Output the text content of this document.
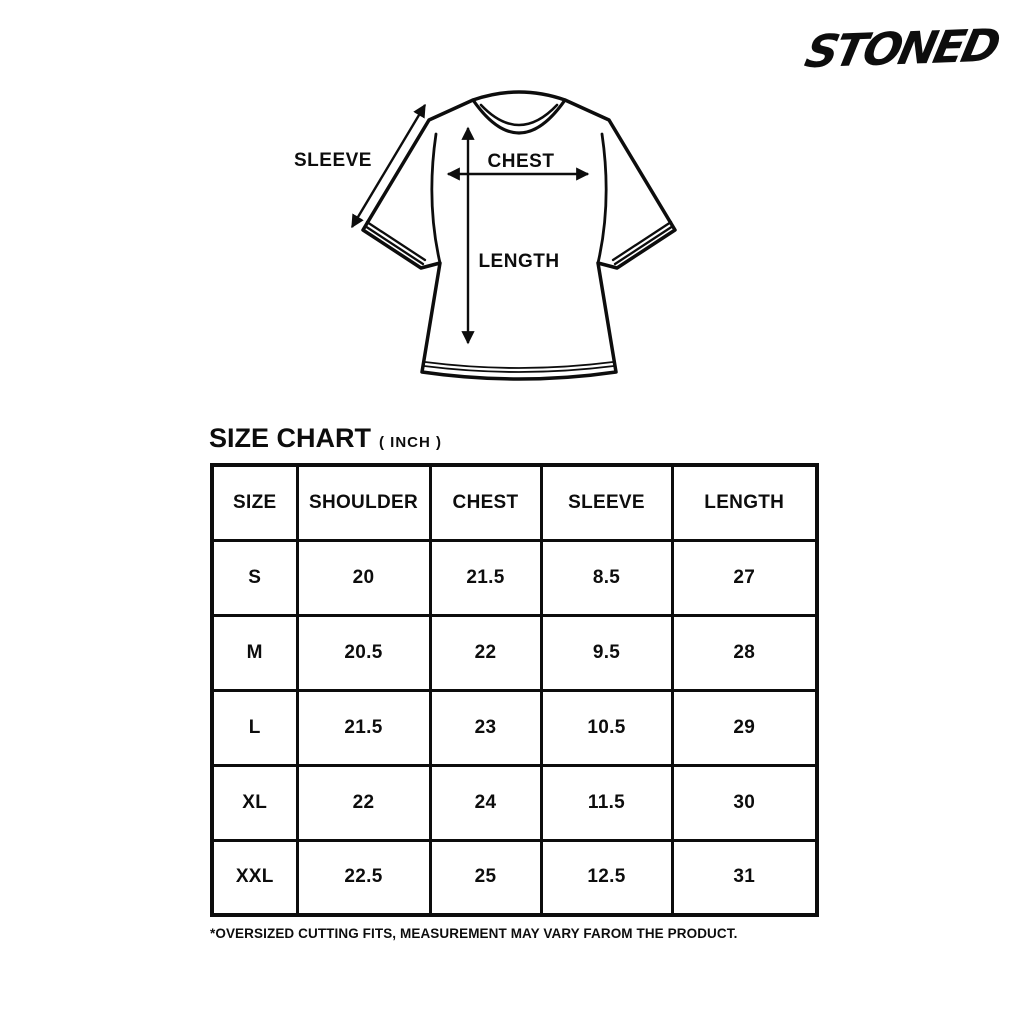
STONED
SLEEVE	CHEST
LENGTH
SIZE CHART ( INCH )
SIZE	SHOULDER	CHEST	SLEEVE	LENGTH
S	20	21.5	8.5	27
M	20.5	22	9.5	28
L	21.5	23	10.5	29
XL	22	24	11.5	30
XXL	22.5	25	12.5	31
*OVERSIZED CUTTING FITS, MEASUREMENT MAY VARY FAROM THE PRODUCT.
